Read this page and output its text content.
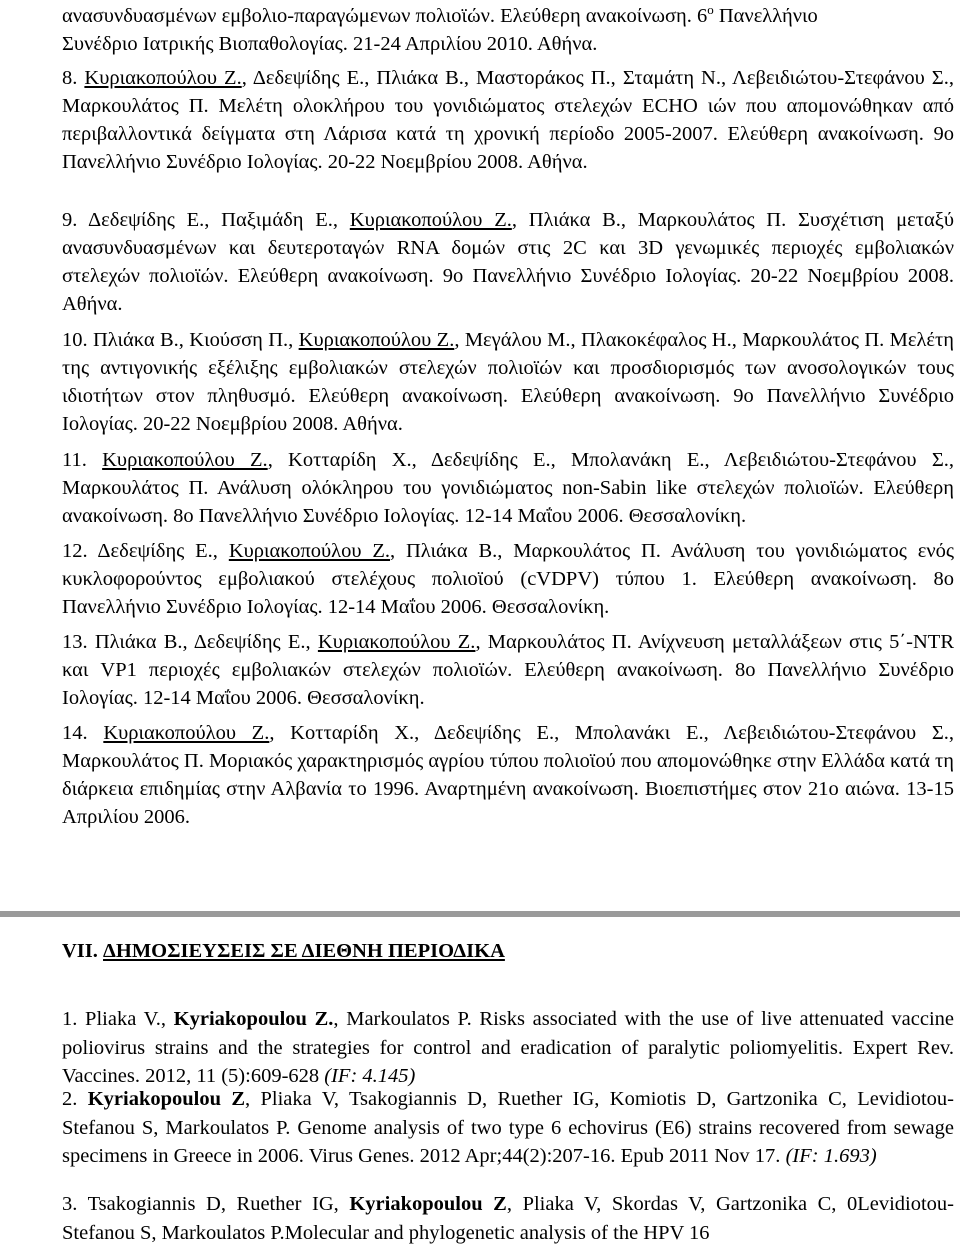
ανασυνδυασμένων εμβολιο-παραγώμενων πολιοϊών. Ελεύθερη ανακοίνωση. $6^o$ Πανελλήνιο
Συνέδριο Ιατρικής Βιοπαθολογίας. 21-24 Απριλίου 2010. Αθήνα.

8. Κυριακοπούλου Ζ., Δεδεψίδης Ε., Πλιάκα Β., Μαστοράκος Π., Σταμάτη Ν., Λεβειδιώτου-Στεφάνου Σ., Μαρκουλάτος Π. Μελέτη ολοκλήρου του γονιδιώματος στελεχών ECHO ιών που απομονώθηκαν από περιβαλλοντικά δείγματα στη Λάρισα κατά τη χρονική περίοδο 2005-2007. Ελεύθερη ανακοίνωση. 9ο Πανελλήνιο Συνέδριο Ιολογίας. 20-22 Νοεμβρίου 2008. Αθήνα.

9. Δεδεψίδης Ε., Παξιμάδη Ε., Κυριακοπούλου Ζ., Πλιάκα Β., Μαρκουλάτος Π. Συσχέτιση μεταξύ ανασυνδυασμένων και δευτεροταγών RNA δομών στις 2C και 3D γενωμικές περιοχές εμβολιακών στελεχών πολιοϊών. Ελεύθερη ανακοίνωση. 9ο Πανελλήνιο Συνέδριο Ιολογίας. 20-22 Νοεμβρίου 2008. Αθήνα.

10. Πλιάκα Β., Κιούσση Π., Κυριακοπούλου Ζ., Μεγάλου Μ., Πλακοκέφαλος Η., Μαρκουλάτος Π. Μελέτη της αντιγονικής εξέλιξης εμβολιακών στελεχών πολιοϊών και προσδιορισμός των ανοσολογικών τους ιδιοτήτων στον πληθυσμό. Ελεύθερη ανακοίνωση. Ελεύθερη ανακοίνωση. 9ο Πανελλήνιο Συνέδριο Ιολογίας. 20-22 Νοεμβρίου 2008. Αθήνα.

11. Κυριακοπούλου Ζ., Κοτταρίδη Χ., Δεδεψίδης Ε., Μπολανάκη Ε., Λεβειδιώτου-Στεφάνου Σ., Μαρκουλάτος Π. Ανάλυση ολόκληρου του γονιδιώματος non-Sabin like στελεχών πολιοϊών. Ελεύθερη ανακοίνωση. 8ο Πανελλήνιο Συνέδριο Ιολογίας. 12-14 Μαΐου 2006. Θεσσαλονίκη.

12. Δεδεψίδης Ε., Κυριακοπούλου Ζ., Πλιάκα Β., Μαρκουλάτος Π. Ανάλυση του γονιδιώματος ενός κυκλοφορούντος εμβολιακού στελέχους πολιοϊού (cVDPV) τύπου 1. Ελεύθερη ανακοίνωση. 8ο Πανελλήνιο Συνέδριο Ιολογίας. 12-14 Μαΐου 2006. Θεσσαλονίκη.

13. Πλιάκα Β., Δεδεψίδης Ε., Κυριακοπούλου Ζ., Μαρκουλάτος Π. Ανίχνευση μεταλλάξεων στις 5΄-NTR και VP1 περιοχές εμβολιακών στελεχών πολιοϊών. Ελεύθερη ανακοίνωση. 8ο Πανελλήνιο Συνέδριο Ιολογίας. 12-14 Μαΐου 2006. Θεσσαλονίκη.

14. Κυριακοπούλου Ζ., Κοτταρίδη Χ., Δεδεψίδης Ε., Μπολανάκι Ε., Λεβειδιώτου-Στεφάνου Σ., Μαρκουλάτος Π. Μοριακός χαρακτηρισμός αγρίου τύπου πολιοϊού που απομονώθηκε στην Ελλάδα κατά τη διάρκεια επιδημίας στην Αλβανία το 1996. Αναρτημένη ανακοίνωση. Βιοεπιστήμες στον 21ο αιώνα. 13-15 Απριλίου 2006.

VII. ΔΗΜΟΣΙΕΥΣΕΙΣ ΣΕ ΔΙΕΘΝΗ ΠΕΡΙΟΔΙΚΑ

1. Pliaka V., Kyriakopoulou Z., Markoulatos P. Risks associated with the use of live attenuated vaccine poliovirus strains and the strategies for control and eradication of paralytic poliomyelitis. Expert Rev. Vaccines. 2012, 11 (5):609-628 (IF: 4.145)

2. Kyriakopoulou Z, Pliaka V, Tsakogiannis D, Ruether IG, Komiotis D, Gartzonika C, Levidiotou-Stefanou S, Markoulatos P. Genome analysis of two type 6 echovirus (E6) strains recovered from sewage specimens in Greece in 2006. Virus Genes. 2012 Apr;44(2):207-16. Epub 2011 Nov 17. (IF: 1.693)

3. Tsakogiannis D, Ruether IG, Kyriakopoulou Z, Pliaka V, Skordas V, Gartzonika C, 0Levidiotou-Stefanou S, Markoulatos P.Molecular and phylogenetic analysis of the HPV 16
